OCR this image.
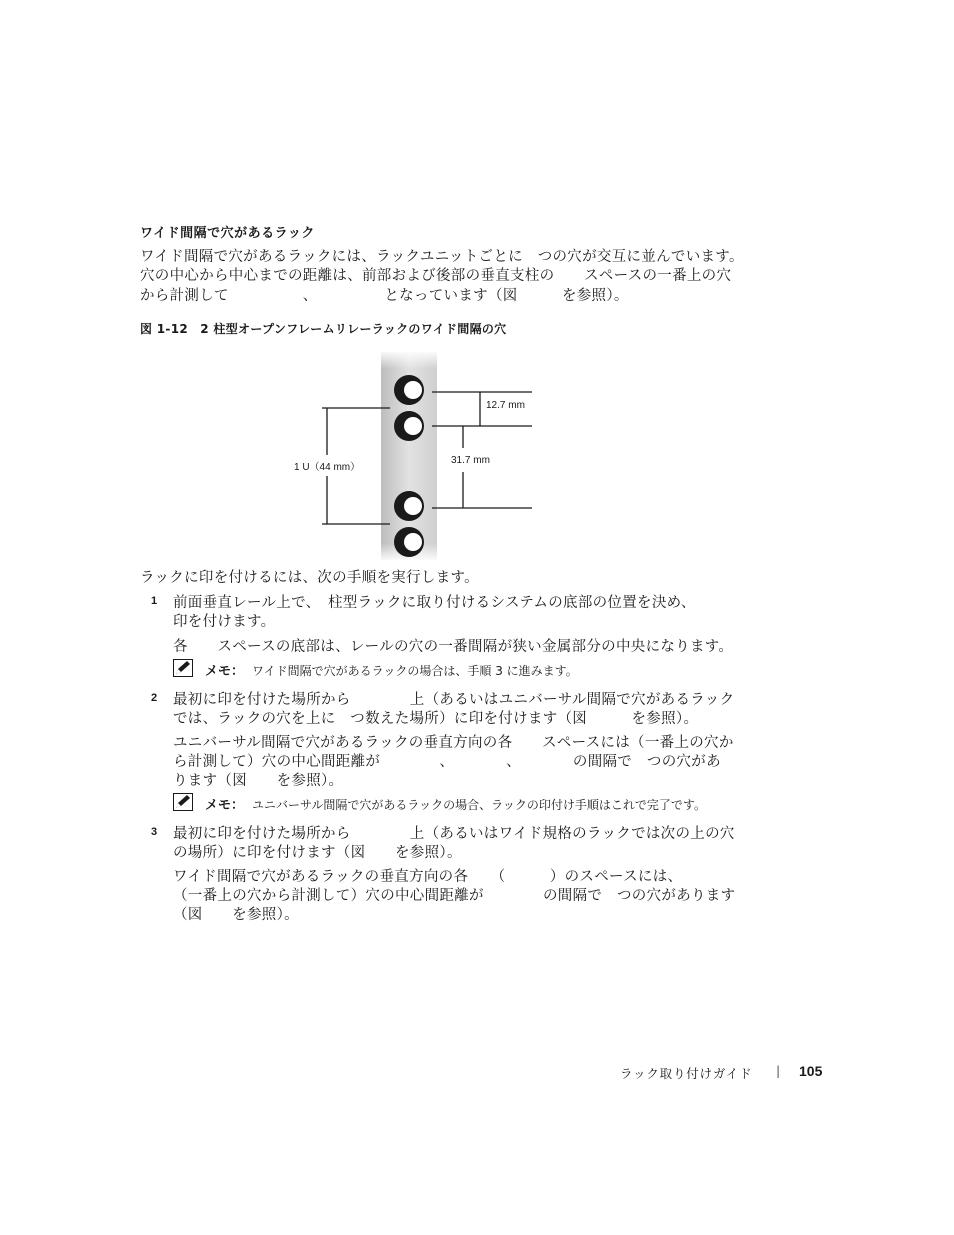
ワイド間隔で穴があるラック
ワイド間隔で穴があるラックには、ラックユニットごとに　つの穴が交互に並んでいます。
穴の中心から中心までの距離は、前部および後部の垂直支柱の　　スペースの一番上の穴
から計測して　　　　　、　　　　　となっています（図　　　を参照）。
図 1-12　2 柱型オープンフレームリレーラックのワイド間隔の穴
12.7 mm
31.7 mm
1 U（44 mm）
ラックに印を付けるには、次の手順を実行します。
1 前面垂直レール上で、　柱型ラックに取り付けるシステムの底部の位置を決め、
印を付けます。
各　　スペースの底部は、レールの穴の一番間隔が狭い金属部分の中央になります。
メモ： ワイド間隔で穴があるラックの場合は、手順 3 に進みます。
2 最初に印を付けた場所から　　　　上（あるいはユニバーサル間隔で穴があるラック
では、ラックの穴を上に　つ数えた場所）に印を付けます（図　　　を参照）。
ユニバーサル間隔で穴があるラックの垂直方向の各　　スペースには（一番上の穴か
ら計測して）穴の中心間距離が　　　　、　　　　、　　　　の間隔で　つの穴があ
ります（図　　を参照）。
メモ： ユニバーサル間隔で穴があるラックの場合、ラックの印付け手順はこれで完了です。
3 最初に印を付けた場所から　　　　上（あるいはワイド規格のラックでは次の上の穴
の場所）に印を付けます（図　　を参照）。
ワイド間隔で穴があるラックの垂直方向の各　　（　　　）のスペースには、
（一番上の穴から計測して）穴の中心間距離が　　　　の間隔で　つの穴があります
（図　　を参照）。
ラック取り付けガイド | 105
